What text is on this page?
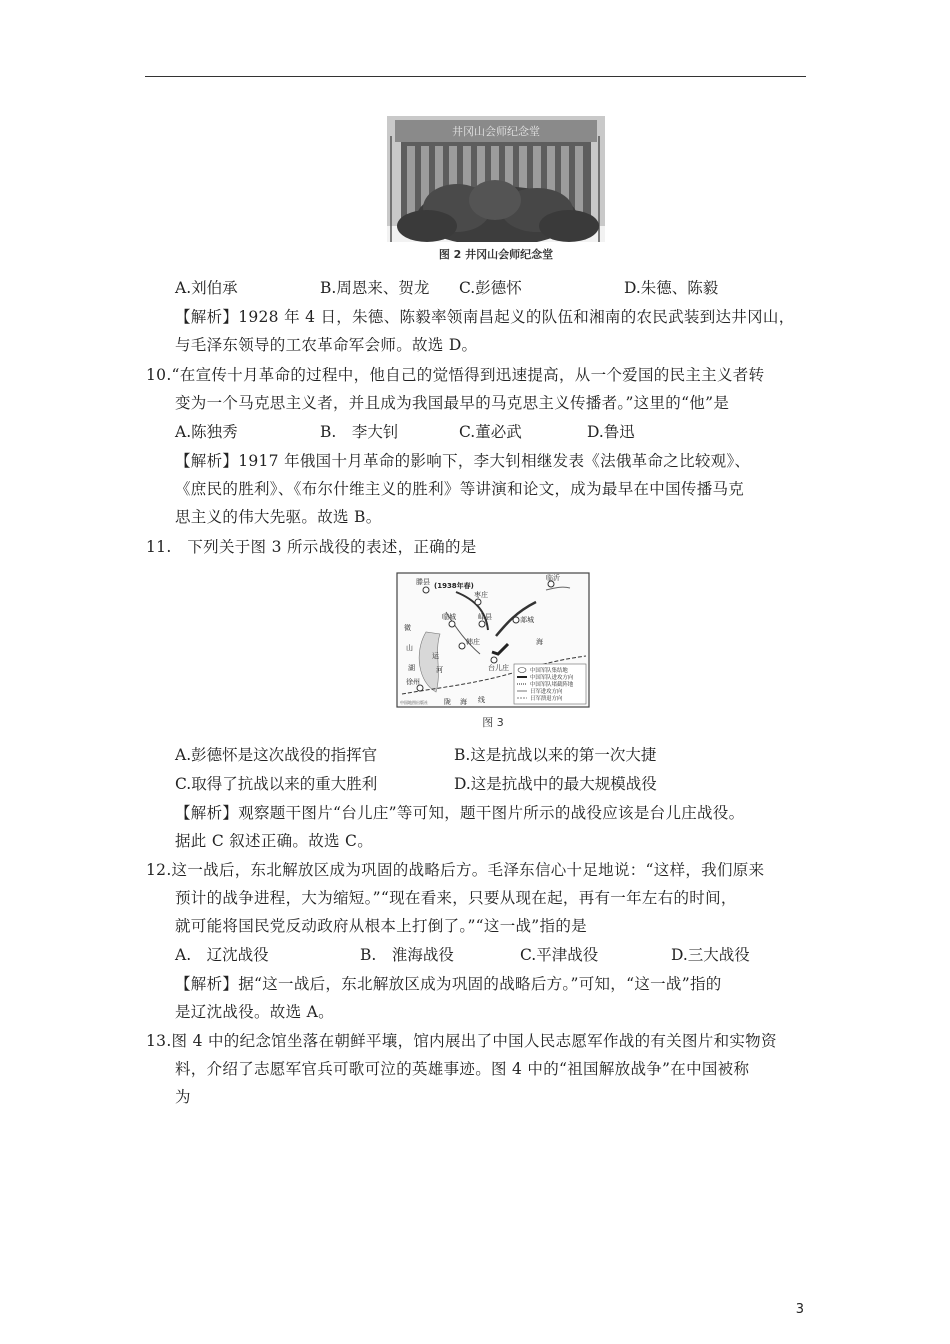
井冈山会师纪念堂
图 2 井冈山会师纪念堂
A.刘伯承	B.周恩来、贺龙 C.彭德怀	D.朱德、陈毅
【解析】1928 年 4 日，朱德、陈毅率领南昌起义的队伍和湘南的农民武装到达井冈山，
与毛泽东领导的工农革命军会师。故选 D。
10.“在宣传十月革命的过程中，他自己的觉悟得到迅速提高，从一个爱国的民主主义者转
变为一个马克思主义者，并且成为我国最早的马克思主义传播者。”这里的“他”是
A.陈独秀	B.　李大钊	C.董必武	D.鲁迅
【解析】1917 年俄国十月革命的影响下，李大钊相继发表《法俄革命之比较观》、
《庶民的胜利》、《布尔什维主义的胜利》等讲演和论文，成为最早在中国传播马克
思主义的伟大先驱。故选 B。
11.　下列关于图 3 所示战役的表述，正确的是
滕县
枣庄
临城	峄县
韩庄
台儿庄
郯城
临沂
徐州
微
山
湖
运
河
陇 海 线
海
(1938年春)
中国军队集结地
中国军队进攻方向
中国军队堵截阵地
日军进攻方向
日军溃退方向
中国地图出版社
图 3
A.彭德怀是这次战役的指挥官	B.这是抗战以来的第一次大捷
C.取得了抗战以来的重大胜利	D.这是抗战中的最大规模战役
【解析】观察题干图片“台儿庄”等可知，题干图片所示的战役应该是台儿庄战役。
据此 C 叙述正确。故选 C。
12.这一战后，东北解放区成为巩固的战略后方。毛泽东信心十足地说：“这样，我们原来
预计的战争进程，大为缩短。”“现在看来，只要从现在起，再有一年左右的时间，
就可能将国民党反动政府从根本上打倒了。”“这一战”指的是
A.　辽沈战役	B.　淮海战役	C.平津战役	D.三大战役
【解析】据“这一战后，东北解放区成为巩固的战略后方。”可知，“这一战”指的
是辽沈战役。故选 A。
13.图 4 中的纪念馆坐落在朝鲜平壤，馆内展出了中国人民志愿军作战的有关图片和实物资
料，介绍了志愿军官兵可歌可泣的英雄事迹。图 4 中的“祖国解放战争”在中国被称
为
3
